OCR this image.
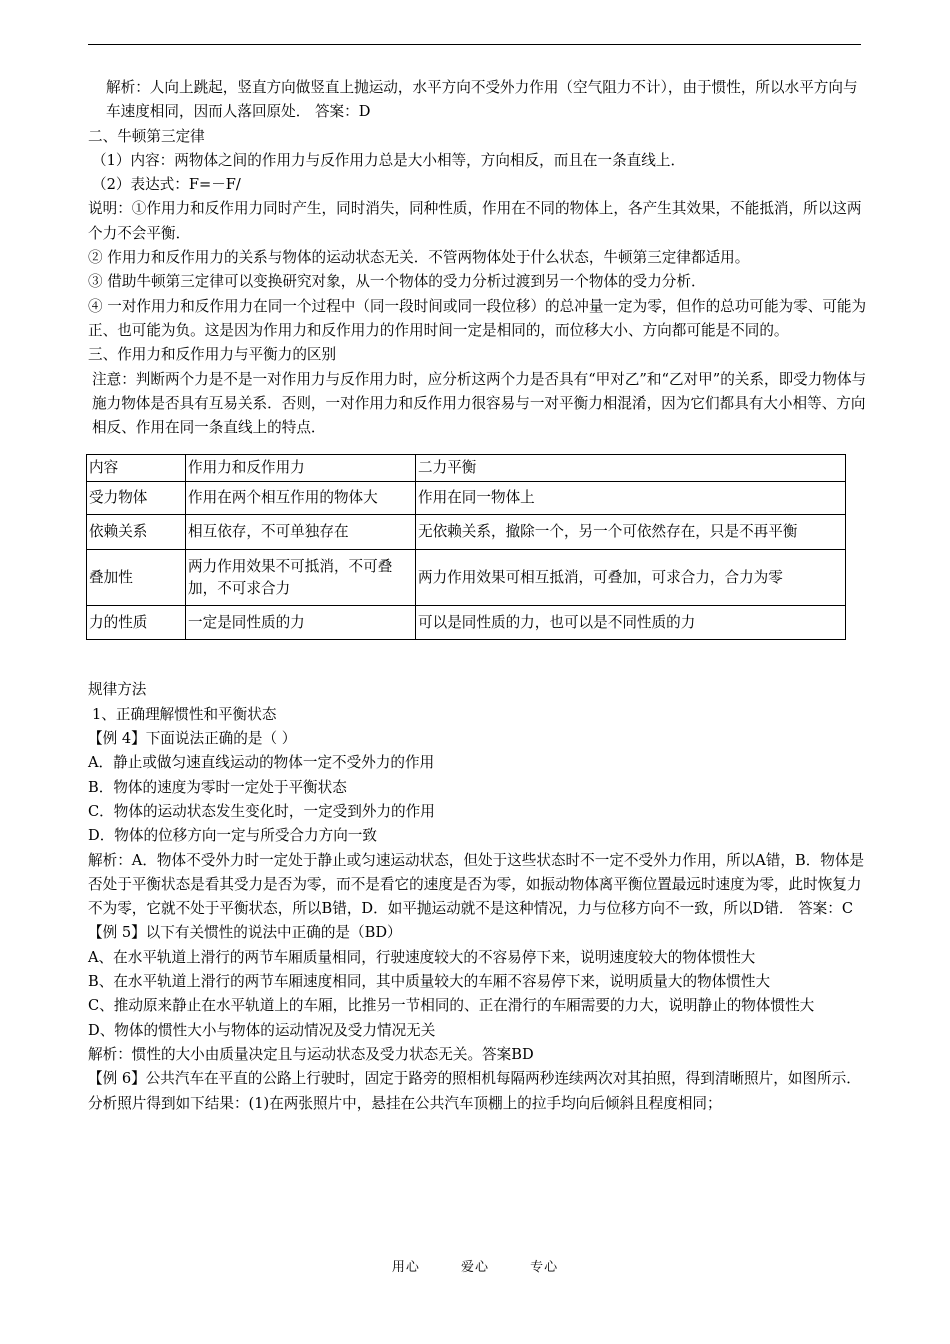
解析：人向上跳起，竖直方向做竖直上抛运动，水平方向不受外力作用（空气阻力不计），由于惯性，所以水平方向与车速度相同，因而人落回原处． 答案：D

二、牛顿第三定律

（1）内容：两物体之间的作用力与反作用力总是大小相等，方向相反，而且在一条直线上．

（2）表达式：F=－F/

说明：①作用力和反作用力同时产生，同时消失，同种性质，作用在不同的物体上，各产生其效果，不能抵消，所以这两个力不会平衡．

② 作用力和反作用力的关系与物体的运动状态无关．不管两物体处于什么状态，牛顿第三定律都适用。

③ 借助牛顿第三定律可以变换研究对象，从一个物体的受力分析过渡到另一个物体的受力分析．

④ 一对作用力和反作用力在同一个过程中（同一段时间或同一段位移）的总冲量一定为零，但作的总功可能为零、可能为正、也可能为负。这是因为作用力和反作用力的作用时间一定是相同的，而位移大小、方向都可能是不同的。

三、作用力和反作用力与平衡力的区别

注意：判断两个力是不是一对作用力与反作用力时，应分析这两个力是否具有“甲对乙”和“乙对甲”的关系，即受力物体与施力物体是否具有互易关系．否则，一对作用力和反作用力很容易与一对平衡力相混淆，因为它们都具有大小相等、方向相反、作用在同一条直线上的特点．

内容	作用力和反作用力	二力平衡
受力物体	作用在两个相互作用的物体大	作用在同一物体上
依赖关系	相互依存，不可单独存在	无依赖关系，撤除一个，另一个可依然存在，只是不再平衡
叠加性	两力作用效果不可抵消，不可叠加，不可求合力	两力作用效果可相互抵消，可叠加，可求合力，合力为零
力的性质	一定是同性质的力	可以是同性质的力，也可以是不同性质的力

规律方法

1、正确理解惯性和平衡状态

【例 4】下面说法正确的是（ ）

A．静止或做匀速直线运动的物体一定不受外力的作用

B．物体的速度为零时一定处于平衡状态

C．物体的运动状态发生变化时，一定受到外力的作用

D．物体的位移方向一定与所受合力方向一致

解析：A．物体不受外力时一定处于静止或匀速运动状态，但处于这些状态时不一定不受外力作用，所以A错，B．物体是否处于平衡状态是看其受力是否为零，而不是看它的速度是否为零，如振动物体离平衡位置最远时速度为零，此时恢复力不为零，它就不处于平衡状态，所以B错，D．如平抛运动就不是这种情况，力与位移方向不一致，所以D错． 答案：C

【例 5】以下有关惯性的说法中正确的是（BD）

A、在水平轨道上滑行的两节车厢质量相同，行驶速度较大的不容易停下来，说明速度较大的物体惯性大

B、在水平轨道上滑行的两节车厢速度相同，其中质量较大的车厢不容易停下来，说明质量大的物体惯性大

C、推动原来静止在水平轨道上的车厢，比推另一节相同的、正在滑行的车厢需要的力大，说明静止的物体惯性大

D、物体的惯性大小与物体的运动情况及受力情况无关

解析：惯性的大小由质量决定且与运动状态及受力状态无关。答案BD

【例 6】公共汽车在平直的公路上行驶时，固定于路旁的照相机每隔两秒连续两次对其拍照，得到清晰照片，如图所示．分析照片得到如下结果：(1)在两张照片中，悬挂在公共汽车顶棚上的拉手均向后倾斜且程度相同；

用心	爱心	专心
